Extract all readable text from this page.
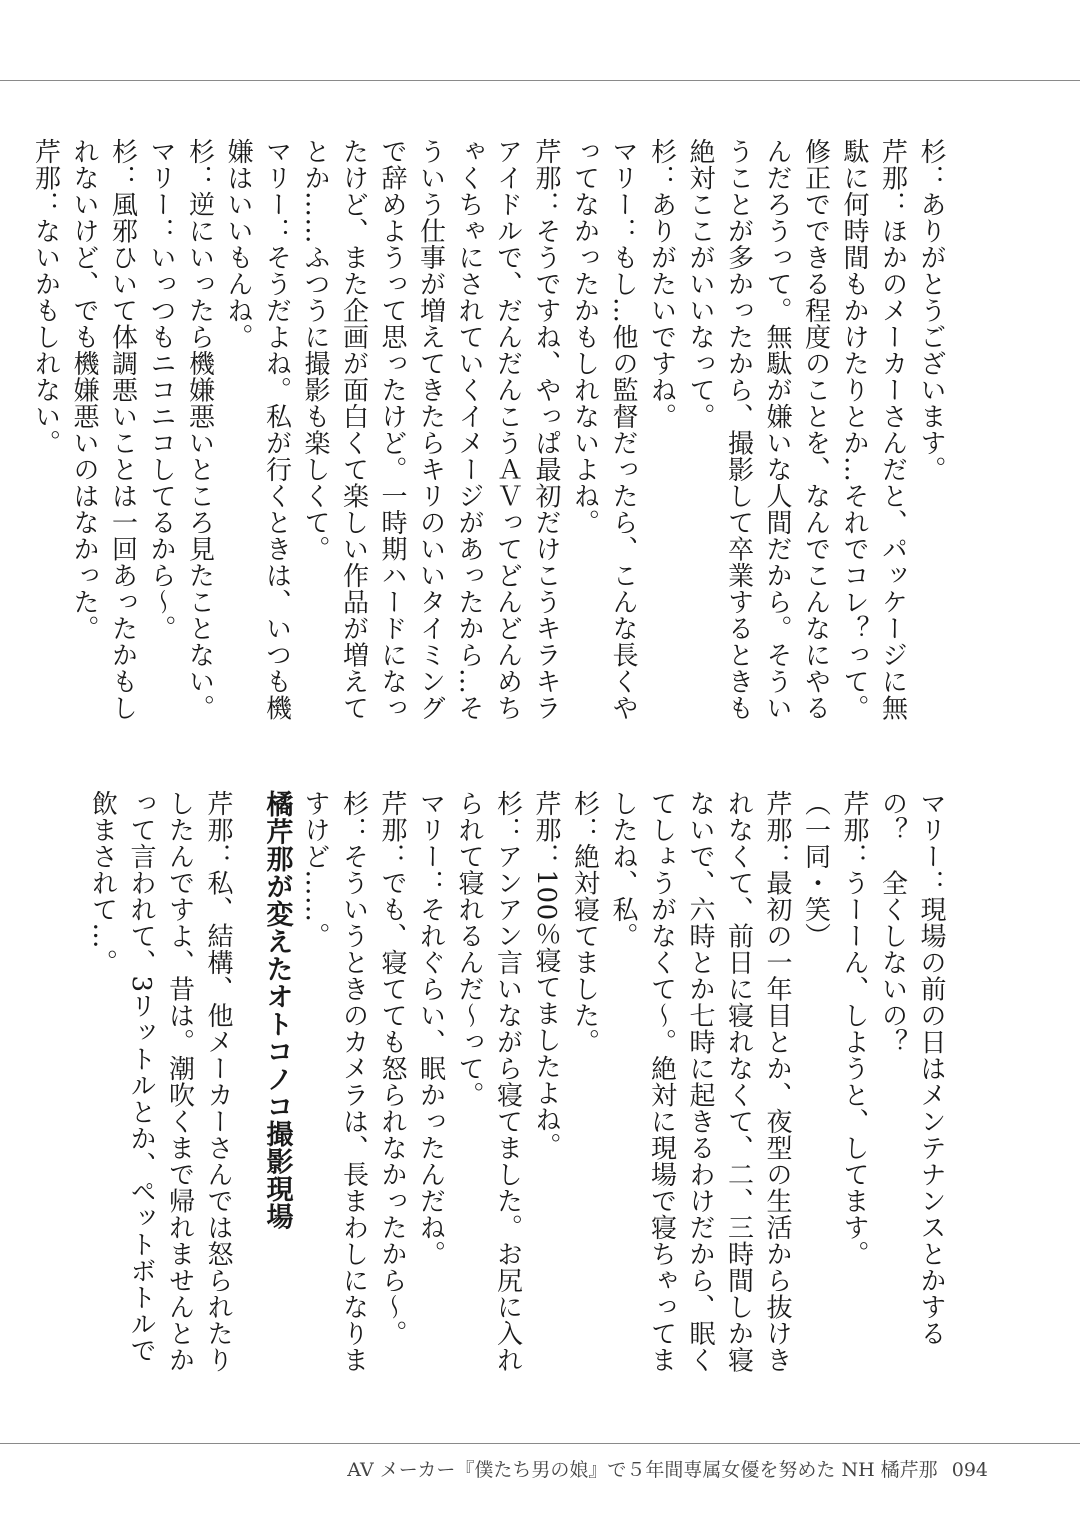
杉：ありがとうございます。

芹那：ほかのメーカーさんだと、パッケージに無駄に何時間もかけたりとか…それでコレ？って。修正でできる程度のことを、なんでこんなにやるんだろうって。無駄が嫌いな人間だから。そういうことが多かったから、撮影して卒業するときも絶対ここがいいなって。

杉：ありがたいですね。

マリー：もし…他の監督だったら、こんな長くやってなかったかもしれないよね。

芹那：そうですね、やっぱ最初だけこうキラキラアイドルで、だんだんこうＡＶってどんどんめちゃくちゃにされていくイメージがあったから…そういう仕事が増えてきたらキリのいいタイミングで辞めようって思ったけど。一時期ハードになったけど、また企画が面白くて楽しい作品が増えてとか……ふつうに撮影も楽しくて。

マリー：そうだよね。私が行くときは、いつも機嫌はいいもんね。

杉：逆にいったら機嫌悪いところ見たことない。

マリー：いっつもニコニコしてるから～。

杉：風邪ひいて体調悪いことは一回あったかもしれないけど、でも機嫌悪いのはなかった。

芹那：ないかもしれない。

マリー：現場の前の日はメンテナンスとかするの？　全くしないの？

芹那：うーーん、しようと、してます。

（一同・笑）

芹那：最初の一年目とか、夜型の生活から抜けきれなくて、前日に寝れなくて、二、三時間しか寝ないで、六時とか七時に起きるわけだから、眠くてしょうがなくて～。絶対に現場で寝ちゃってましたね、私。

杉：絶対寝てました。

芹那：100％寝てましたよね。

杉：アンアン言いながら寝てました。お尻に入れられて寝れるんだ～って。

マリー：それぐらい、眠かったんだね。

芹那：でも、寝てても怒られなかったから～。

杉：そういうときのカメラは、長まわしになりますけど……。

橘芹那が変えたオトコノコ撮影現場

芹那：私、結構、他メーカーさんでは怒られたりしたんですよ、昔は。潮吹くまで帰れませんとかって言われて、3リットルとか、ペットボトルで飲まされて…。

AV メーカー『僕たち男の娘』で５年間専属女優を努めた NH 橘芹那 094
